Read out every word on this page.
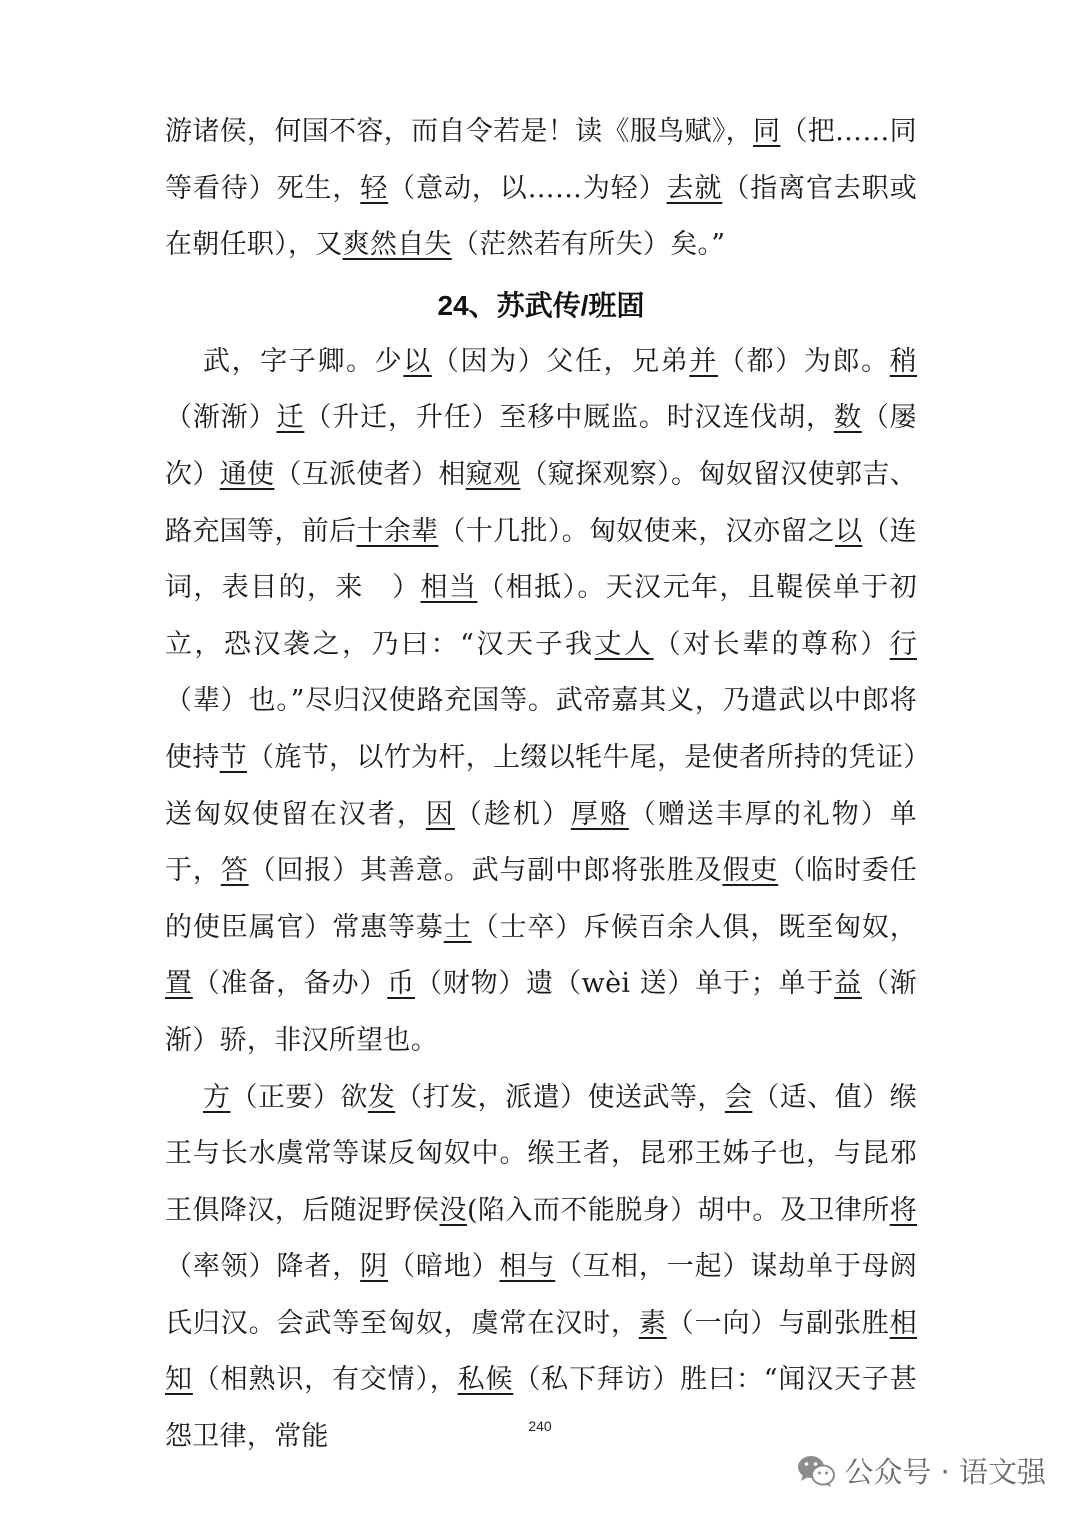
游诸侯，何国不容，而自令若是！读《服鸟赋》，同（把……同等看待）死生，轻（意动，以……为轻）去就（指离官去职或在朝任职），又爽然自失（茫然若有所失）矣。”

24、苏武传/班固

武，字子卿。少以（因为）父任，兄弟并（都）为郎。稍（渐渐）迁（升迁，升任）至移中厩监。时汉连伐胡，数（屡次）通使（互派使者）相窥观（窥探观察）。匈奴留汉使郭吉、路充国等，前后十余辈（十几批）。匈奴使来，汉亦留之以（连词，表目的，来　）相当（相抵）。天汉元年，且鞮侯单于初立，恐汉袭之，乃曰：“汉天子我丈人（对长辈的尊称）行（辈）也。”尽归汉使路充国等。武帝嘉其义，乃遣武以中郎将使持节（旄节，以竹为杆，上缀以牦牛尾，是使者所持的凭证）送匈奴使留在汉者，因（趁机）厚赂（赠送丰厚的礼物）单于，答（回报）其善意。武与副中郎将张胜及假吏（临时委任的使臣属官）常惠等募士（士卒）斥候百余人俱，既至匈奴，置（准备，备办）币（财物）遗（wèi 送）单于；单于益（渐渐）骄，非汉所望也。

方（正要）欲发（打发，派遣）使送武等，会（适、值）缑王与长水虞常等谋反匈奴中。缑王者，昆邪王姊子也，与昆邪王俱降汉，后随浞野侯没(陷入而不能脱身）胡中。及卫律所将（率领）降者，阴（暗地）相与（互相，一起）谋劫单于母阏氏归汉。会武等至匈奴，虞常在汉时，素（一向）与副张胜相知（相熟识，有交情），私候（私下拜访）胜曰：“闻汉天子甚怨卫律，常能	240
公众号 · 语文强
